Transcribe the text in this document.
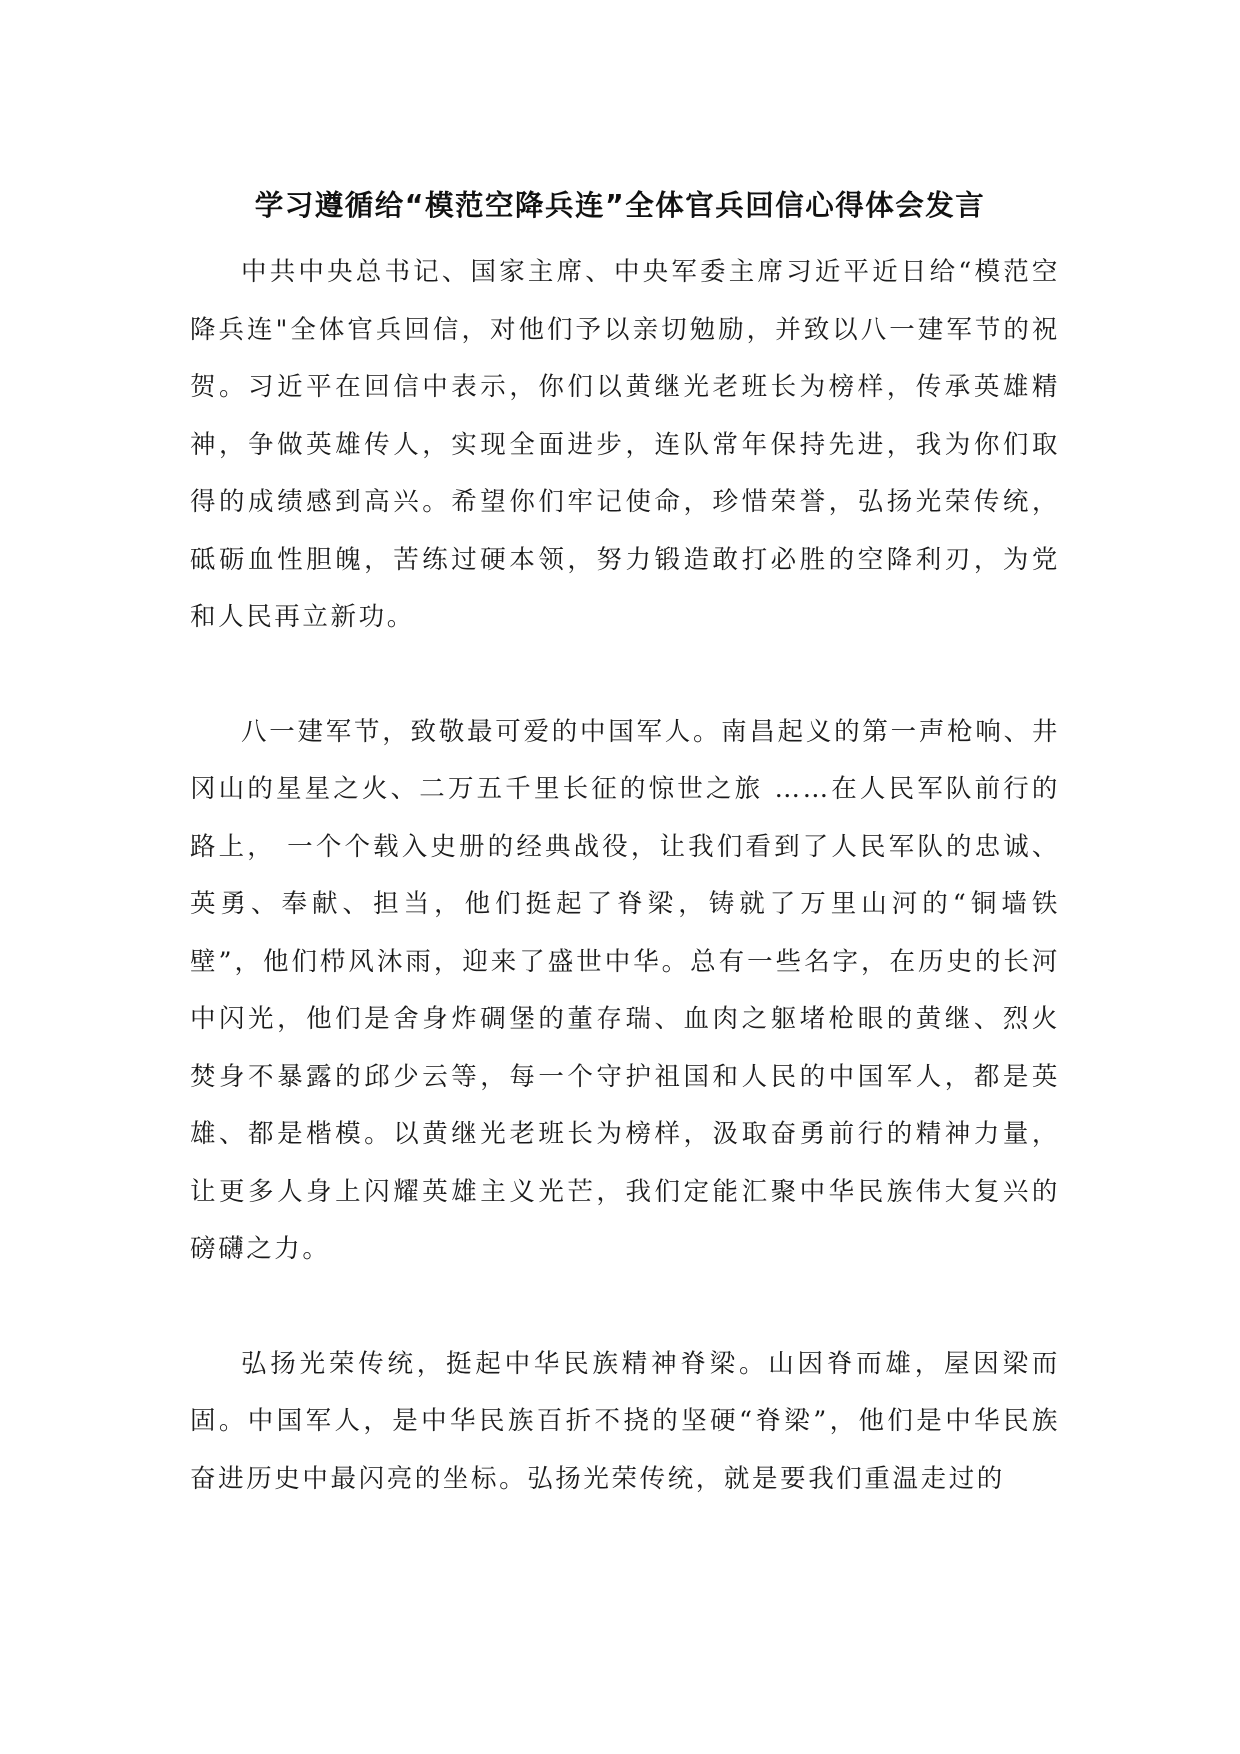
学习遵循给“模范空降兵连”全体官兵回信心得体会发言

中共中央总书记、国家主席、中央军委主席习近平近日给“模范空降兵连"全体官兵回信，对他们予以亲切勉励，并致以八一建军节的祝贺。习近平在回信中表示，你们以黄继光老班长为榜样，传承英雄精神，争做英雄传人，实现全面进步，连队常年保持先进，我为你们取得的成绩感到高兴。希望你们牢记使命，珍惜荣誉，弘扬光荣传统，砥砺血性胆魄，苦练过硬本领，努力锻造敢打必胜的空降利刃，为党和人民再立新功。

八一建军节，致敬最可爱的中国军人。南昌起义的第一声枪响、井冈山的星星之火、二万五千里长征的惊世之旅 ……在人民军队前行的路上， 一个个载入史册的经典战役，让我们看到了人民军队的忠诚、英勇、奉献、担当，他们挺起了脊梁，铸就了万里山河的“铜墙铁壁”，他们栉风沐雨，迎来了盛世中华。总有一些名字，在历史的长河中闪光，他们是舍身炸碉堡的董存瑞、血肉之躯堵枪眼的黄继、烈火焚身不暴露的邱少云等，每一个守护祖国和人民的中国军人，都是英雄、都是楷模。以黄继光老班长为榜样，汲取奋勇前行的精神力量，让更多人身上闪耀英雄主义光芒，我们定能汇聚中华民族伟大复兴的磅礴之力。

弘扬光荣传统，挺起中华民族精神脊梁。山因脊而雄，屋因梁而固。中国军人，是中华民族百折不挠的坚硬“脊梁”，他们是中华民族奋进历史中最闪亮的坐标。弘扬光荣传统，就是要我们重温走过的
